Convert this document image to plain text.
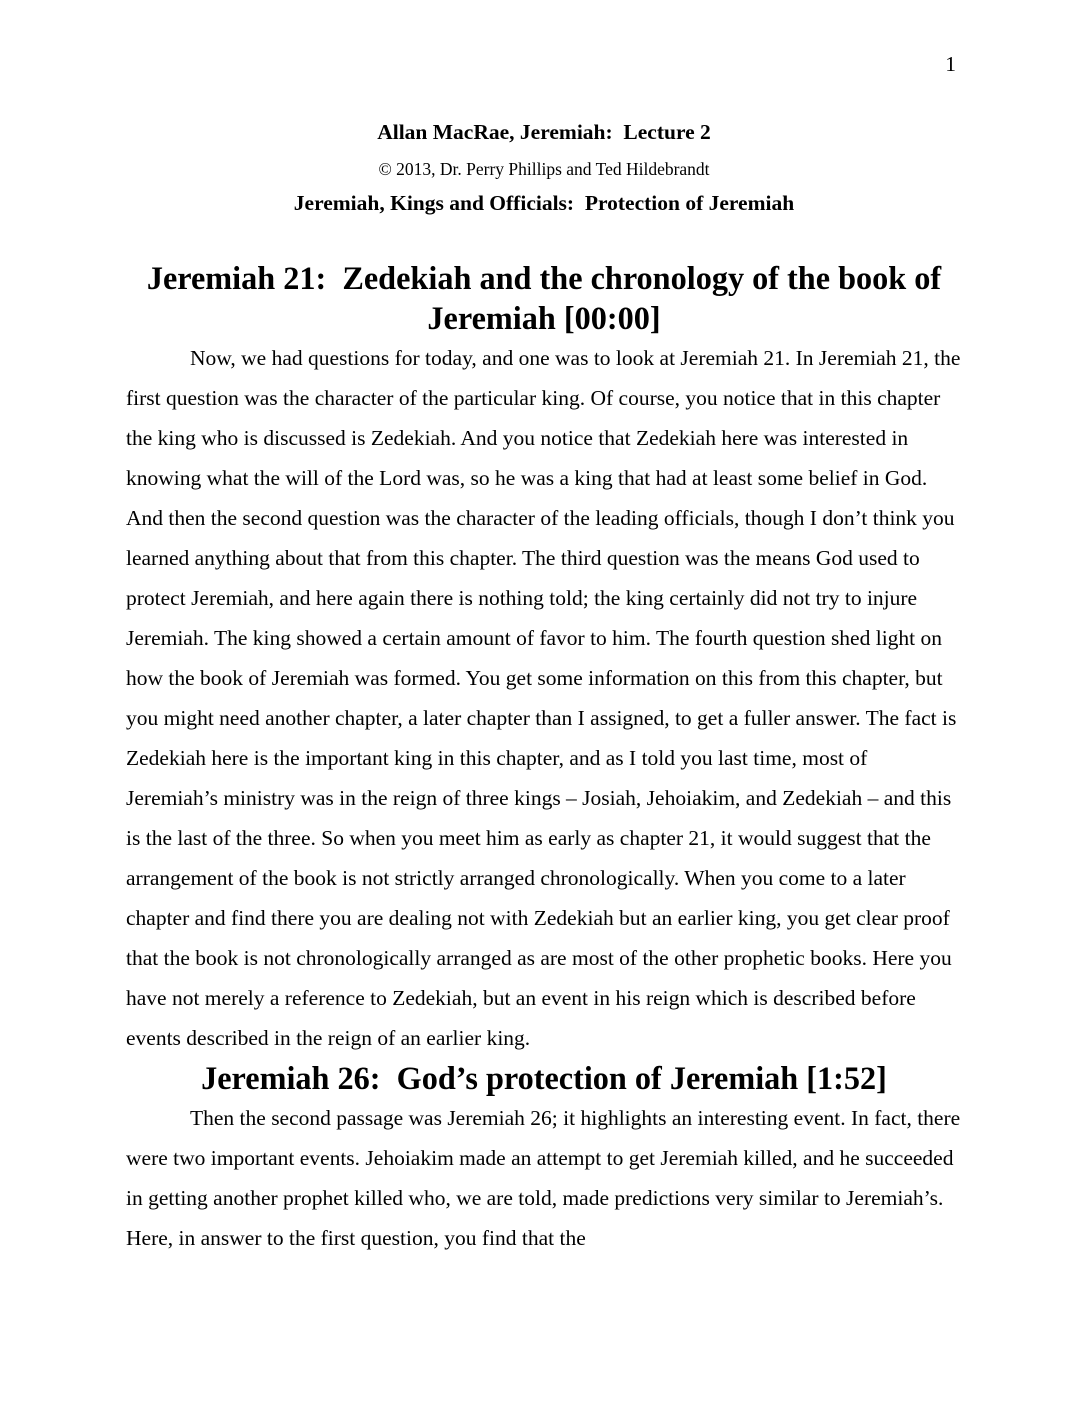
1
Allan MacRae, Jeremiah:  Lecture 2
© 2013, Dr. Perry Phillips and Ted Hildebrandt
Jeremiah, Kings and Officials:  Protection of Jeremiah
Jeremiah 21:  Zedekiah and the chronology of the book of Jeremiah [00:00]

Now, we had questions for today, and one was to look at Jeremiah 21. In Jeremiah 21, the first question was the character of the particular king. Of course, you notice that in this chapter the king who is discussed is Zedekiah. And you notice that Zedekiah here was interested in knowing what the will of the Lord was, so he was a king that had at least some belief in God.  And then the second question was the character of the leading officials, though I don’t think you learned anything about that from this chapter. The third question was the means God used to protect Jeremiah, and here again there is nothing told; the king certainly did not try to injure Jeremiah. The king showed a certain amount of favor to him. The fourth question shed light on how the book of Jeremiah was formed. You get some information on this from this chapter, but you might need another chapter, a later chapter than I assigned, to get a fuller answer. The fact is Zedekiah here is the important king in this chapter, and as I told you last time, most of Jeremiah’s ministry was in the reign of three kings – Josiah, Jehoiakim, and Zedekiah – and this is the last of the three. So when you meet him as early as chapter 21, it would suggest that the arrangement of the book is not strictly arranged chronologically. When you come to a later chapter and find there you are dealing not with Zedekiah but an earlier king, you get clear proof that the book is not chronologically arranged as are most of the other prophetic books. Here you have not merely a reference to Zedekiah, but an event in his reign which is described before events described in the reign of an earlier king.

Jeremiah 26:  God’s protection of Jeremiah [1:52]

Then the second passage was Jeremiah 26; it highlights an interesting event. In fact, there were two important events. Jehoiakim made an attempt to get Jeremiah killed, and he succeeded in getting another prophet killed who, we are told, made predictions very similar to Jeremiah’s. Here, in answer to the first question, you find that the
